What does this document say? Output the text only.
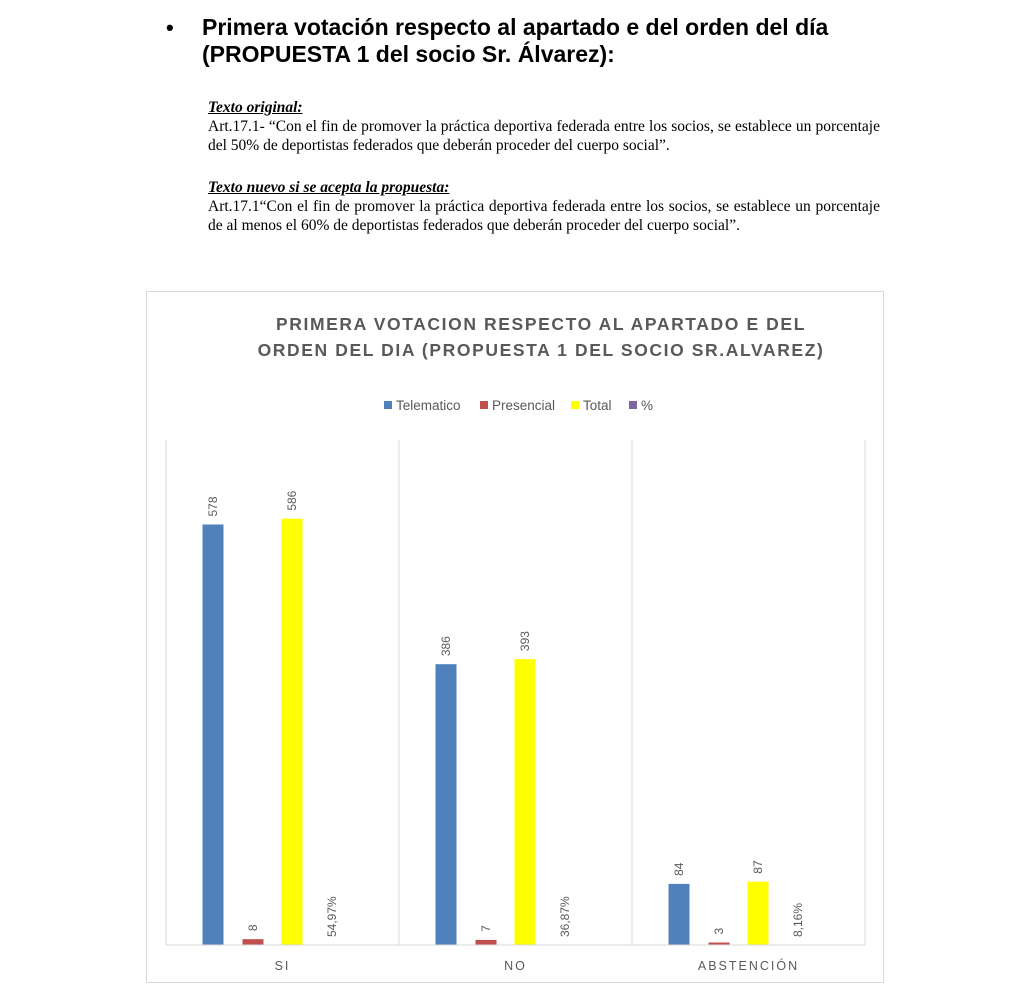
• Primera votación respecto al apartado e del orden del día
(PROPUESTA 1 del socio Sr. Álvarez):
Texto original:
Art.17.1- “Con el fin de promover la práctica deportiva federada entre los socios, se establece un porcentaje del 50% de deportistas federados que deberán proceder del cuerpo social”.
Texto nuevo si se acepta la propuesta:
Art.17.1“Con el fin de promover la práctica deportiva federada entre los socios, se establece un porcentaje de al menos el 60% de deportistas federados que deberán proceder del cuerpo social”.
PRIMERA VOTACION RESPECTO AL APARTADO E DEL
ORDEN DEL DIA (PROPUESTA 1 DEL SOCIO SR.ALVAREZ)
Telematico Presencial Total %
578
8
586
54,97%
386
7
393
36,87%
84
3
87
8,16%
SI	NO	ABSTENCIÓN
